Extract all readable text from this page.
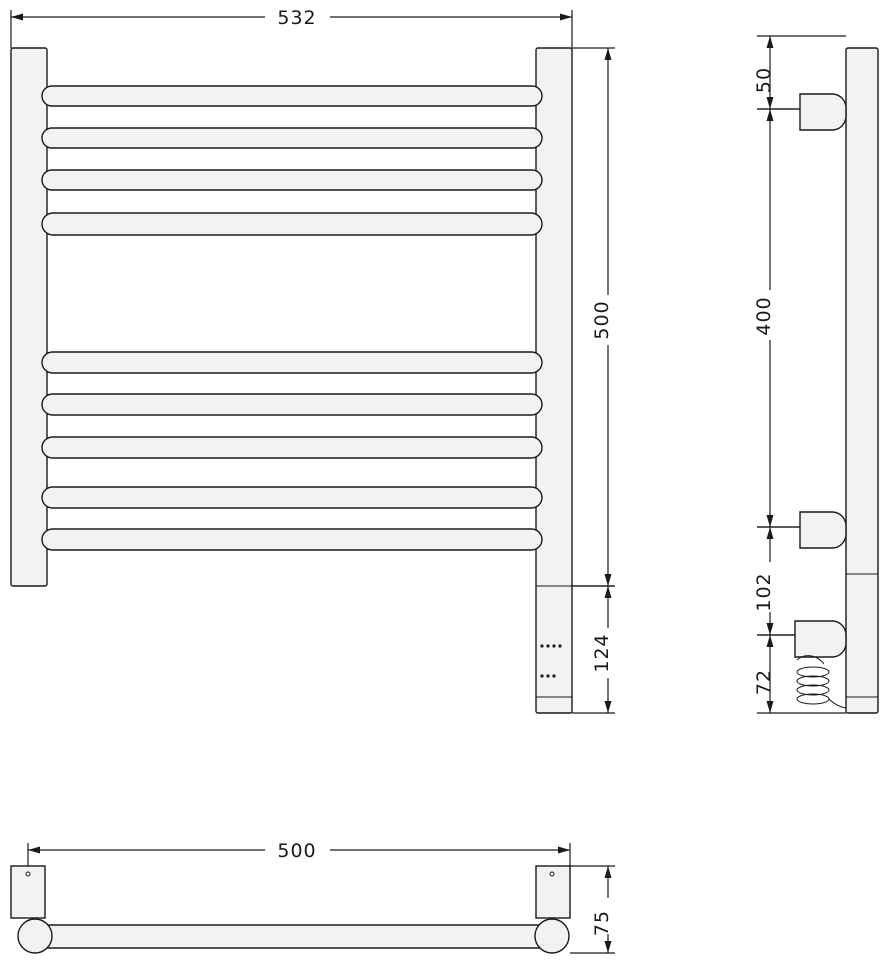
532
500
124
50
400
102
72
500
75
